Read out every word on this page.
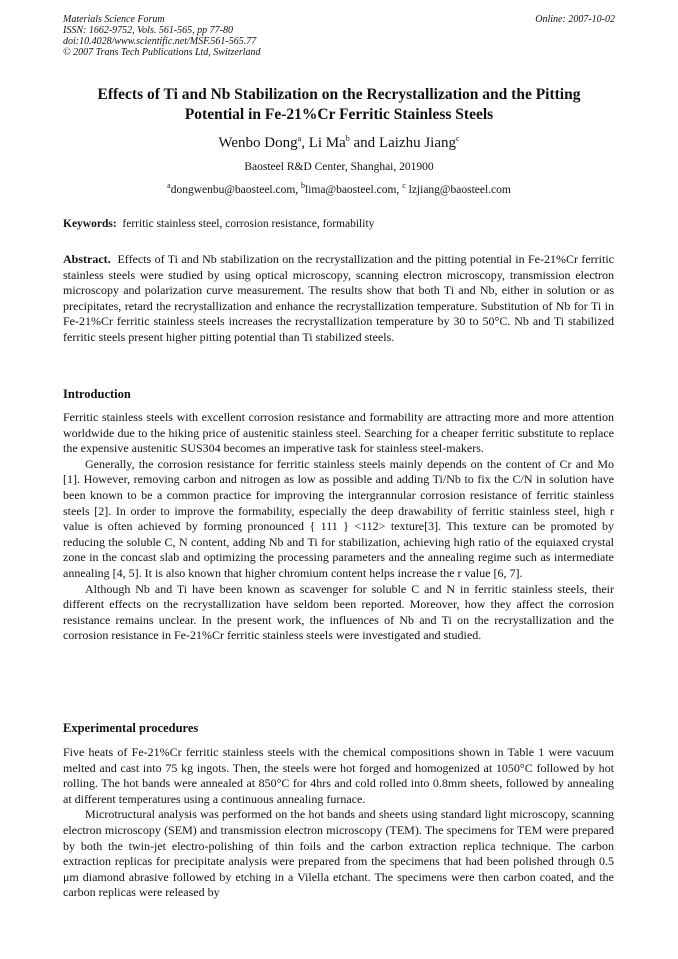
Materials Science Forum
ISSN: 1662-9752, Vols. 561-565, pp 77-80
doi:10.4028/www.scientific.net/MSF.561-565.77
© 2007 Trans Tech Publications Ltd, Switzerland
Online: 2007-10-02
Effects of Ti and Nb Stabilization on the Recrystallization and the Pitting
Potential in Fe-21%Cr Ferritic Stainless Steels
Wenbo Dong$^a$, Li Ma$^b$ and Laizhu Jiang$^c$
Baosteel R&D Center, Shanghai, 201900
$^a$dongwenbu@baosteel.com, $^b$lima@baosteel.com, $^c$ lzjiang@baosteel.com
Keywords: ferritic stainless steel, corrosion resistance, formability
Abstract. Effects of Ti and Nb stabilization on the recrystallization and the pitting potential in Fe-21%Cr ferritic stainless steels were studied by using optical microscopy, scanning electron microscopy, transmission electron microscopy and polarization curve measurement. The results show that both Ti and Nb, either in solution or as precipitates, retard the recrystallization and enhance the recrystallization temperature. Substitution of Nb for Ti in Fe-21%Cr ferritic stainless steels increases the recrystallization temperature by 30 to 50°C. Nb and Ti stabilized ferritic steels present higher pitting potential than Ti stabilized steels.
Introduction
Ferritic stainless steels with excellent corrosion resistance and formability are attracting more and more attention worldwide due to the hiking price of austenitic stainless steel. Searching for a cheaper ferritic substitute to replace the expensive austenitic SUS304 becomes an imperative task for stainless steel-makers.
Generally, the corrosion resistance for ferritic stainless steels mainly depends on the content of Cr and Mo [1]. However, removing carbon and nitrogen as low as possible and adding Ti/Nb to fix the C/N in solution have been known to be a common practice for improving the intergrannular corrosion resistance of ferritic stainless steels [2]. In order to improve the formability, especially the deep drawability of ferritic stainless steel, high r value is often achieved by forming pronounced { 111 } <112> texture[3]. This texture can be promoted by reducing the soluble C, N content, adding Nb and Ti for stabilization, achieving high ratio of the equiaxed crystal zone in the concast slab and optimizing the processing parameters and the annealing regime such as intermediate annealing [4, 5]. It is also known that higher chromium content helps increase the r value [6, 7].
Although Nb and Ti have been known as scavenger for soluble C and N in ferritic stainless steels, their different effects on the recrystallization have seldom been reported. Moreover, how they affect the corrosion resistance remains unclear. In the present work, the influences of Nb and Ti on the recrystallization and the corrosion resistance in Fe-21%Cr ferritic stainless steels were investigated and studied.
Experimental procedures
Five heats of Fe-21%Cr ferritic stainless steels with the chemical compositions shown in Table 1 were vacuum melted and cast into 75 kg ingots. Then, the steels were hot forged and homogenized at 1050°C followed by hot rolling. The hot bands were annealed at 850°C for 4hrs and cold rolled into 0.8mm sheets, followed by annealing at different temperatures using a continuous annealing furnace.
Microtructural analysis was performed on the hot bands and sheets using standard light microscopy, scanning electron microscopy (SEM) and transmission electron microscopy (TEM). The specimens for TEM were prepared by both the twin-jet electro-polishing of thin foils and the carbon extraction replica technique. The carbon extraction replicas for precipitate analysis were prepared from the specimens that had been polished through 0.5 μm diamond abrasive followed by etching in a Vilella etchant. The specimens were then carbon coated, and the carbon replicas were released by
